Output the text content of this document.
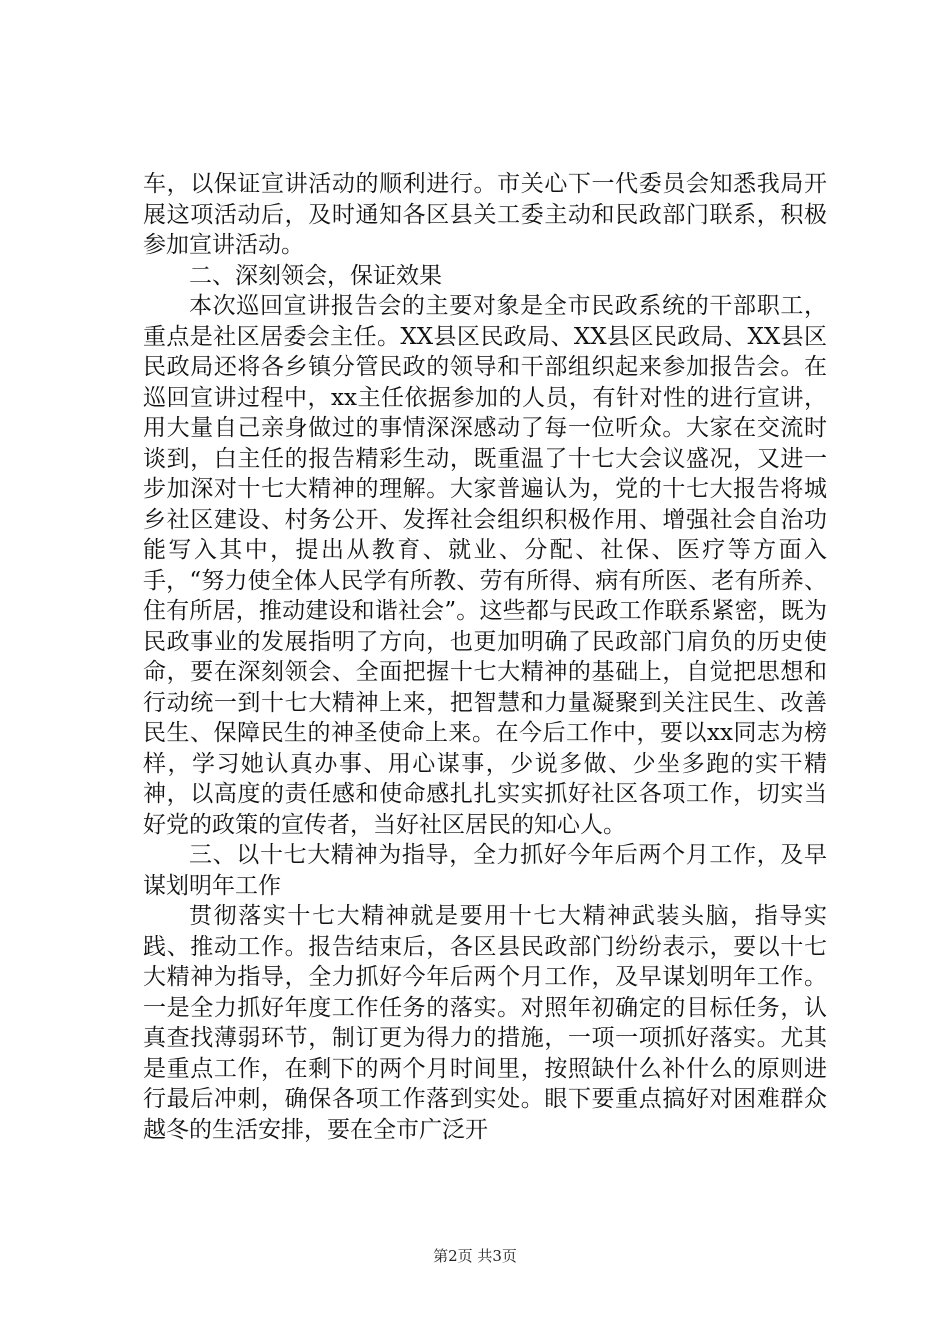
车，以保证宣讲活动的顺利进行。市关心下一代委员会知悉我局开展这项活动后，及时通知各区县关工委主动和民政部门联系，积极参加宣讲活动。

二、深刻领会，保证效果

本次巡回宣讲报告会的主要对象是全市民政系统的干部职工，重点是社区居委会主任。XX县区民政局、XX县区民政局、XX县区民政局还将各乡镇分管民政的领导和干部组织起来参加报告会。在巡回宣讲过程中，xx主任依据参加的人员，有针对性的进行宣讲，用大量自己亲身做过的事情深深感动了每一位听众。大家在交流时谈到，白主任的报告精彩生动，既重温了十七大会议盛况，又进一步加深对十七大精神的理解。大家普遍认为，党的十七大报告将城乡社区建设、村务公开、发挥社会组织积极作用、增强社会自治功能写入其中，提出从教育、就业、分配、社保、医疗等方面入手，“努力使全体人民学有所教、劳有所得、病有所医、老有所养、住有所居，推动建设和谐社会”。这些都与民政工作联系紧密，既为民政事业的发展指明了方向，也更加明确了民政部门肩负的历史使命，要在深刻领会、全面把握十七大精神的基础上，自觉把思想和行动统一到十七大精神上来，把智慧和力量凝聚到关注民生、改善民生、保障民生的神圣使命上来。在今后工作中，要以xx同志为榜样，学习她认真办事、用心谋事，少说多做、少坐多跑的实干精神，以高度的责任感和使命感扎扎实实抓好社区各项工作，切实当好党的政策的宣传者，当好社区居民的知心人。

三、以十七大精神为指导，全力抓好今年后两个月工作，及早谋划明年工作

贯彻落实十七大精神就是要用十七大精神武装头脑，指导实践、推动工作。报告结束后，各区县民政部门纷纷表示，要以十七大精神为指导，全力抓好今年后两个月工作，及早谋划明年工作。一是全力抓好年度工作任务的落实。对照年初确定的目标任务，认真查找薄弱环节，制订更为得力的措施，一项一项抓好落实。尤其是重点工作，在剩下的两个月时间里，按照缺什么补什么的原则进行最后冲刺，确保各项工作落到实处。眼下要重点搞好对困难群众越冬的生活安排，要在全市广泛开

第2页 共3页
